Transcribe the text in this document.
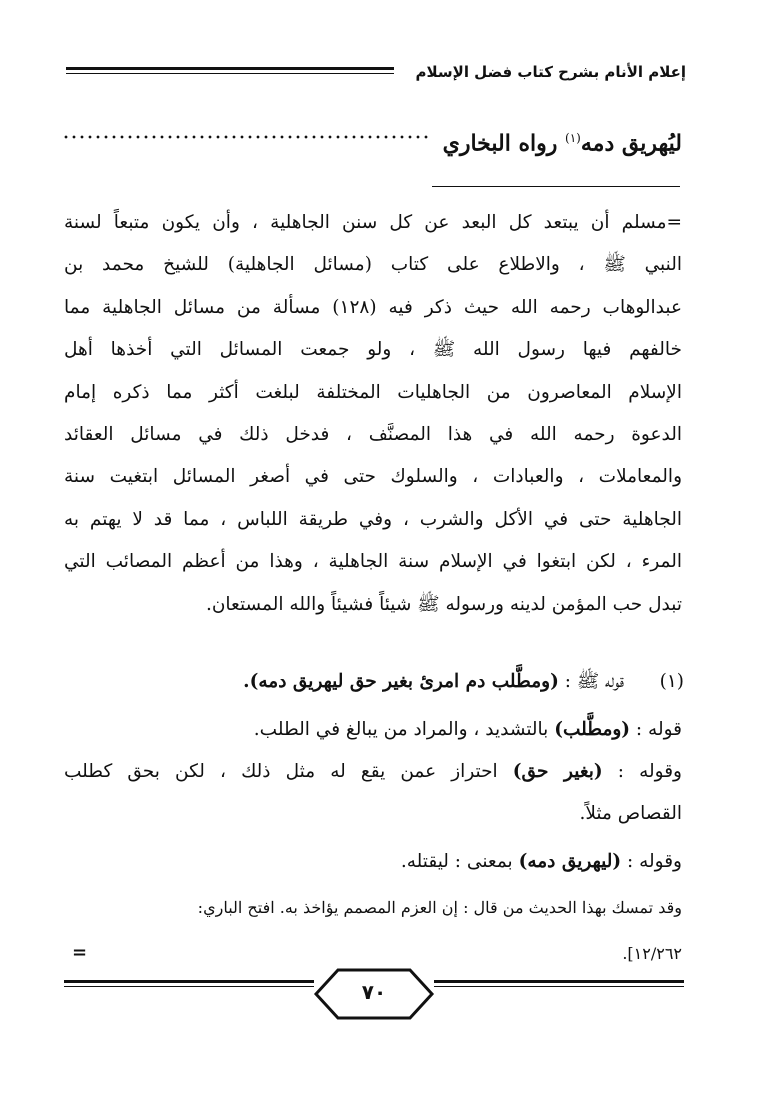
إعلام الأنام بشرح كتاب فضل الإسلام
ليُهريق دمه$^{(١)}$ رواه البخاري
=مسلم أن يبتعد كل البعد عن كل سنن الجاهلية ، وأن يكون متبعاً لسنة
النبي ﷺ ، والاطلاع على كتاب (مسائل الجاهلية) للشيخ محمد بن
عبدالوهاب رحمه الله حيث ذكر فيه (١٢٨) مسألة من مسائل الجاهلية مما
خالفهم فيها رسول الله ﷺ ، ولو جمعت المسائل التي أخذها أهل
الإسلام المعاصرون من الجاهليات المختلفة لبلغت أكثر مما ذكره إمام
الدعوة رحمه الله في هذا المصنَّف ، فدخل ذلك في مسائل العقائد
والمعاملات ، والعبادات ، والسلوك حتى في أصغر المسائل ابتغيت سنة
الجاهلية حتى في الأكل والشرب ، وفي طريقة اللباس ، مما قد لا يهتم به
المرء ، لكن ابتغوا في الإسلام سنة الجاهلية ، وهذا من أعظم المصائب التي
تبدل حب المؤمن لدينه ورسوله ﷺ شيئاً فشيئاً والله المستعان.
(١)
قوله ﷺ : (ومطَّلب دم امرئ بغير حق ليهريق دمه).
قوله : (ومطَّلب) بالتشديد ، والمراد من يبالغ في الطلب.
وقوله : (بغير حق) احتراز عمن يقع له مثل ذلك ، لكن بحق كطلب
القصاص مثلاً.
وقوله : (ليهريق دمه) بمعنى : ليقتله.
وقد تمسك بهذا الحديث من قال : إن العزم المصمم يؤاخذ به. افتح الباري:
١٢/٢٦٢].
=
٧٠
